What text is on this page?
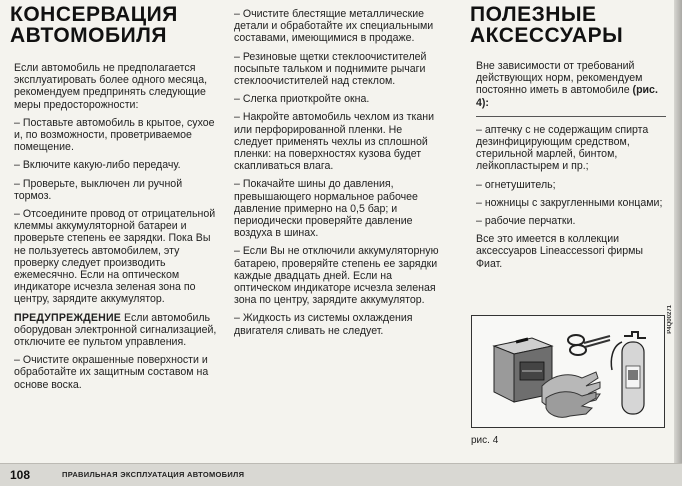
КОНСЕРВАЦИЯ
АВТОМОБИЛЯ

Если автомобиль не предполагается эксплуатировать более одного месяца, рекомендуем предпринять следующие меры предосторожности:

– Поставьте автомобиль в крытое, сухое и, по возможности, проветриваемое помещение.

– Включите какую-либо передачу.

– Проверьте, выключен ли ручной тормоз.

– Отсоедините провод от отрицательной клеммы аккумуляторной батареи и проверьте степень ее зарядки. Пока Вы не пользуетесь автомобилем, эту проверку следует производить ежемесячно. Если на оптическом индикаторе исчезла зеленая зона по центру, зарядите аккумулятор.

ПРЕДУПРЕЖДЕНИЕ Если автомобиль оборудован электронной сигнализацией, отключите ее пультом управления.

– Очистите окрашенные поверхности и обработайте их защитным составом на основе воска.

– Очистите блестящие металлические детали и обработайте их специальными составами, имеющимися в продаже.

– Резиновые щетки стеклоочистителей посыпьте тальком и поднимите рычаги стеклоочистителей над стеклом.

– Слегка приоткройте окна.

– Накройте автомобиль чехлом из ткани или перфорированной пленки. Не следует применять чехлы из сплошной пленки: на поверхностях кузова будет скапливаться влага.

– Покачайте шины до давления, превышающего нормальное рабочее давление примерно на 0,5 бар; и периодически проверяйте давление воздуха в шинах.

– Если Вы не отключили аккумуляторную батарею, проверяйте степень ее зарядки каждые двадцать дней. Если на оптическом индикаторе исчезла зеленая зона по центру, зарядите аккумулятор.

– Жидкость из системы охлаждения двигателя сливать не следует.

ПОЛЕЗНЫЕ
АКСЕССУАРЫ

Вне зависимости от требований действующих норм, рекомендуем постоянно иметь в автомобиле (рис. 4):

– аптечку с не содержащим спирта дезинфицирующим средством, стерильной марлей, бинтом, лейкопластырем и пр.;

– огнетушитель;

– ножницы с закругленными концами;

– рабочие перчатки.

Все это имеется в коллекции аксессуаров Lineaccessori фирмы Фиат.

рис. 4
P4Q00271
108	ПРАВИЛЬНАЯ ЭКСПЛУАТАЦИЯ АВТОМОБИЛЯ
